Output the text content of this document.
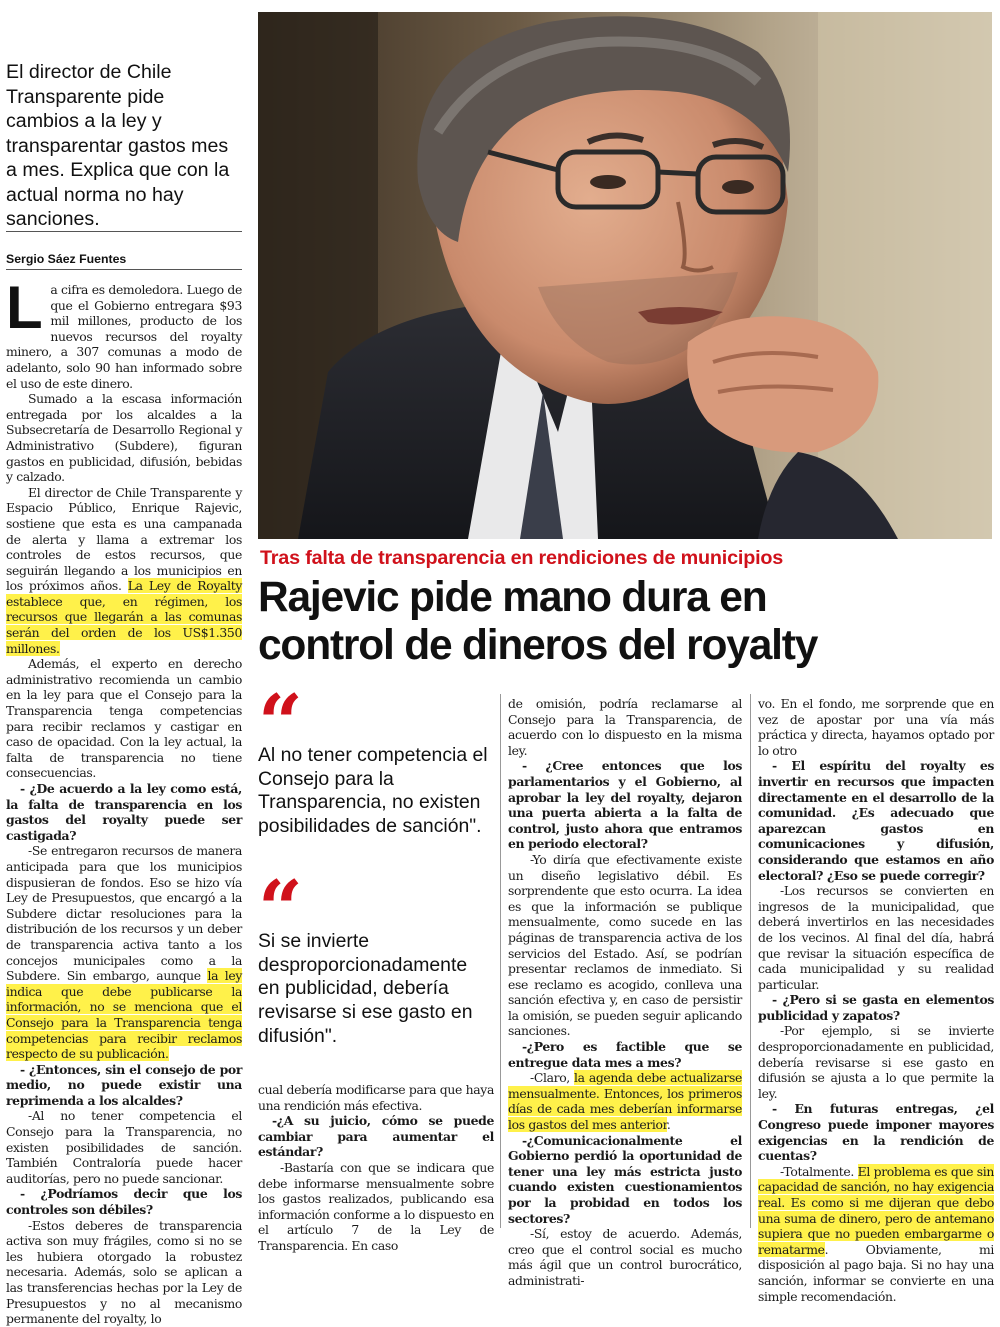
El director de Chile Transparente pide cambios a la ley y transparentar gastos mes a mes. Explica que con la actual norma no hay sanciones.
Sergio Sáez Fuentes

La cifra es demoledora. Luego de que el Gobierno entregara $93 mil millones, producto de los nuevos recursos del royalty minero, a 307 comunas a modo de adelanto, solo 90 han informado sobre el uso de este dinero.

Sumado a la escasa información entregada por los alcaldes a la Subsecretaría de Desarrollo Regional y Administrativo (Subdere), figuran gastos en publicidad, difusión, bebidas y calzado.

El director de Chile Transparente y Espacio Público, Enrique Rajevic, sostiene que esta es una campanada de alerta y llama a extremar los controles de estos recursos, que seguirán llegando a los municipios en los próximos años. La Ley de Royalty establece que, en régimen, los recursos que llegarán a las comunas serán del orden de los US$1.350 millones.

Además, el experto en derecho administrativo recomienda un cambio en la ley para que el Consejo para la Transparencia tenga competencias para recibir reclamos y castigar en caso de opacidad. Con la ley actual, la falta de transparencia no tiene consecuencias.

- ¿De acuerdo a la ley como está, la falta de transparencia en los gastos del royalty puede ser castigada?

-Se entregaron recursos de manera anticipada para que los municipios dispusieran de fondos. Eso se hizo vía Ley de Presupuestos, que encargó a la Subdere dictar resoluciones para la distribución de los recursos y un deber de transparencia activa tanto a los concejos municipales como a la Subdere. Sin embargo, aunque la ley indica que debe publicarse la información, no se menciona que el Consejo para la Transparencia tenga competencias para recibir reclamos respecto de su publicación.

- ¿Entonces, sin el consejo de por medio, no puede existir una reprimenda a los alcaldes?

-Al no tener competencia el Consejo para la Transparencia, no existen posibilidades de sanción. También Contraloría puede hacer auditorías, pero no puede sancionar.

- ¿Podríamos decir que los controles son débiles?

-Estos deberes de transparencia activa son muy frágiles, como si no se les hubiera otorgado la robustez necesaria. Además, solo se aplican a las transferencias hechas por la Ley de Presupuestos y no al mecanismo permanente del royalty, lo

Tras falta de transparencia en rendiciones de municipios
Rajevic pide mano dura en
control de dineros del royalty
“
Al no tener competencia el Consejo para la Transparencia, no existen posibilidades de sanción".
“
Si se invierte desproporcionadamente en publicidad, debería revisarse si ese gasto en difusión".

cual debería modificarse para que haya una rendición más efectiva.

-¿A su juicio, cómo se puede cambiar para aumentar el estándar?

-Bastaría con que se indicara que debe informarse mensualmente sobre los gastos realizados, publicando esa información conforme a lo dispuesto en el artículo 7 de la Ley de Transparencia. En caso

de omisión, podría reclamarse al Consejo para la Transparencia, de acuerdo con lo dispuesto en la misma ley.

- ¿Cree entonces que los parlamentarios y el Gobierno, al aprobar la ley del royalty, dejaron una puerta abierta a la falta de control, justo ahora que entramos en periodo electoral?

-Yo diría que efectivamente existe un diseño legislativo débil. Es sorprendente que esto ocurra. La idea es que la información se publique mensualmente, como sucede en las páginas de transparencia activa de los servicios del Estado. Así, se podrían presentar reclamos de inmediato. Si ese reclamo es acogido, conlleva una sanción efectiva y, en caso de persistir la omisión, se pueden seguir aplicando sanciones.

-¿Pero es factible que se entregue data mes a mes?

-Claro, la agenda debe actualizarse mensualmente. Entonces, los primeros días de cada mes deberían informarse los gastos del mes anterior.

-¿Comunicacionalmente el Gobierno perdió la oportunidad de tener una ley más estricta justo cuando existen cuestionamientos por la probidad en todos los sectores?

-Sí, estoy de acuerdo. Además, creo que el control social es mucho más ágil que un control burocrático, administrati-

vo. En el fondo, me sorprende que en vez de apostar por una vía más práctica y directa, hayamos optado por lo otro

- El espíritu del royalty es invertir en recursos que impacten directamente en el desarrollo de la comunidad. ¿Es adecuado que aparezcan gastos en comunicaciones y difusión, considerando que estamos en año electoral? ¿Eso se puede corregir?

-Los recursos se convierten en ingresos de la municipalidad, que deberá invertirlos en las necesidades de los vecinos. Al final del día, habrá que revisar la situación específica de cada municipalidad y su realidad particular.

- ¿Pero si se gasta en elementos publicidad y zapatos?

-Por ejemplo, si se invierte desproporcionadamente en publicidad, debería revisarse si ese gasto en difusión se ajusta a lo que permite la ley.

- En futuras entregas, ¿el Congreso puede imponer mayores exigencias en la rendición de cuentas?

-Totalmente. El problema es que sin capacidad de sanción, no hay exigencia real. Es como si me dijeran que debo una suma de dinero, pero de antemano supiera que no pueden embargarme o rematarme. Obviamente, mi disposición al pago baja. Si no hay una sanción, informar se convierte en una simple recomendación.
